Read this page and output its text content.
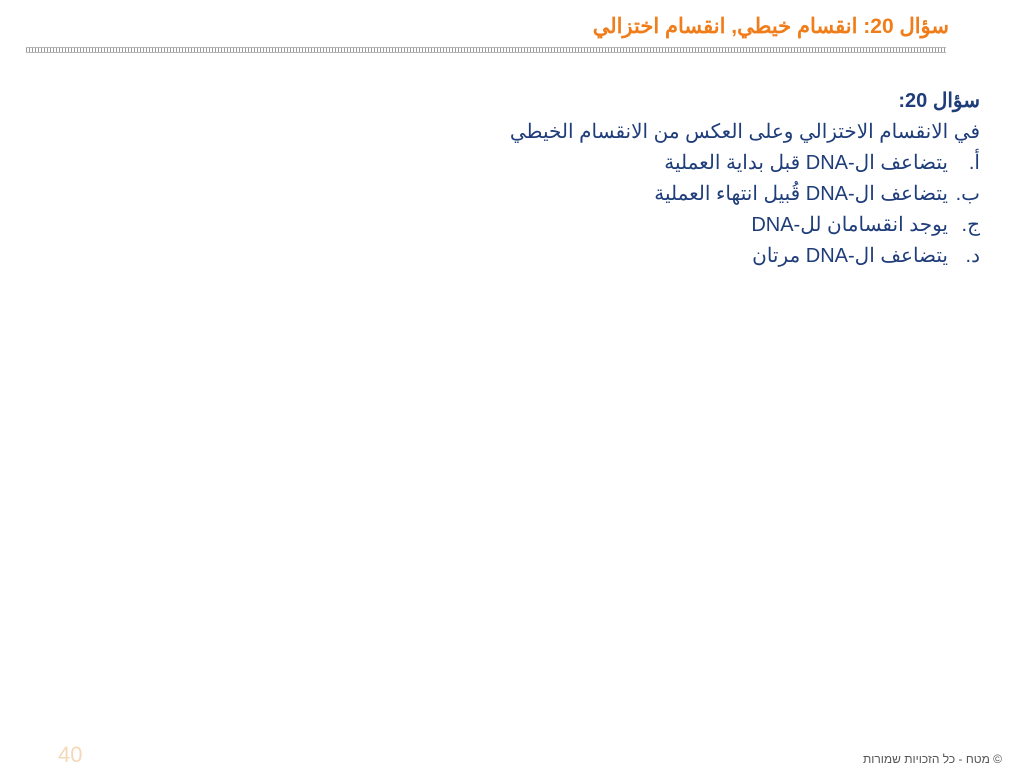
سؤال 20: انقسام خيطي, انقسام اختزالي
سؤال 20:
في الانقسام الاختزالي وعلى العكس من الانقسام الخيطي
أ.
يتضاعف ال-DNA قبل بداية العملية
ب.
يتضاعف ال-DNA قُبيل انتهاء العملية
ج.
يوجد انقسامان لل-DNA
د.
يتضاعف ال-DNA مرتان
40	© מטח - כל הזכויות שמורות
